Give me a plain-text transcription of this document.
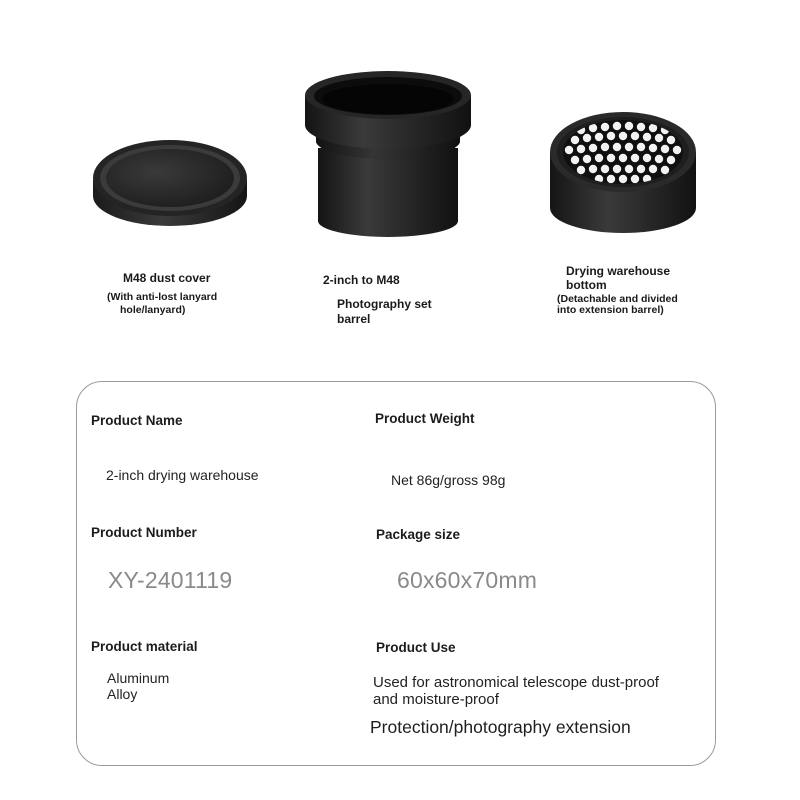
M48 dust cover
(With anti-lost lanyard
hole/lanyard)
2-inch to M48
Photography set
barrel
Drying warehouse
bottom
(Detachable and divided
into extension barrel)
Product Name
2-inch drying warehouse
Product Weight
Net 86g/gross 98g
Product Number
XY-2401119
Package size
60x60x70mm
Product material
Aluminum
Alloy
Product Use
Used for astronomical telescope dust-proof
and moisture-proof
Protection/photography extension
